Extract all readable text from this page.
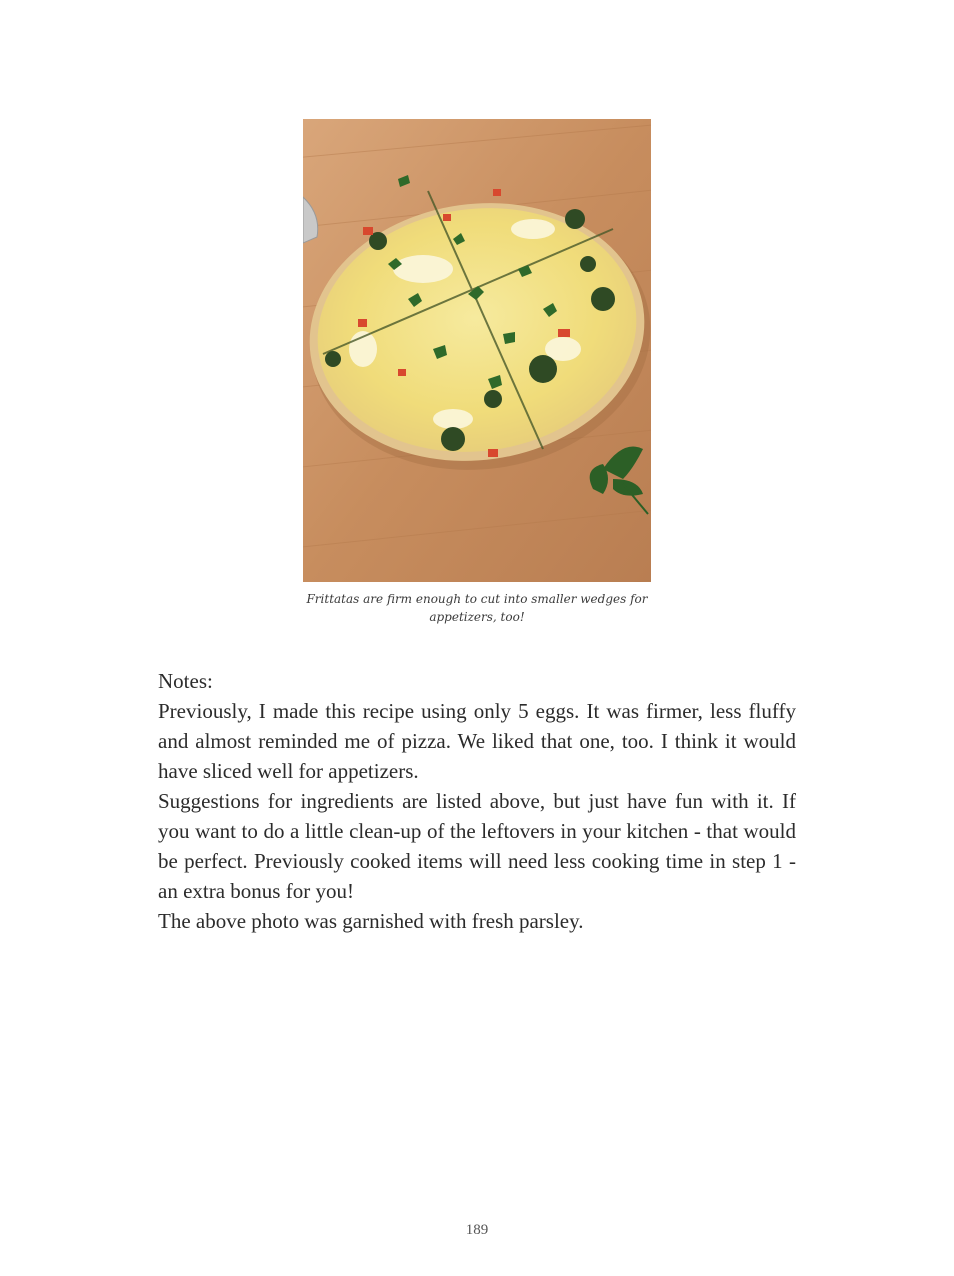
Frittatas are firm enough to cut into smaller wedges for appetizers, too!

Notes:

Previously, I made this recipe using only 5 eggs. It was firmer, less fluffy and almost reminded me of pizza. We liked that one, too. I think it would have sliced well for appetizers.

Suggestions for ingredients are listed above, but just have fun with it. If you want to do a little clean-up of the leftovers in your kitchen - that would be perfect. Previously cooked items will need less cooking time in step 1 - an extra bonus for you!

The above photo was garnished with fresh parsley.

189
